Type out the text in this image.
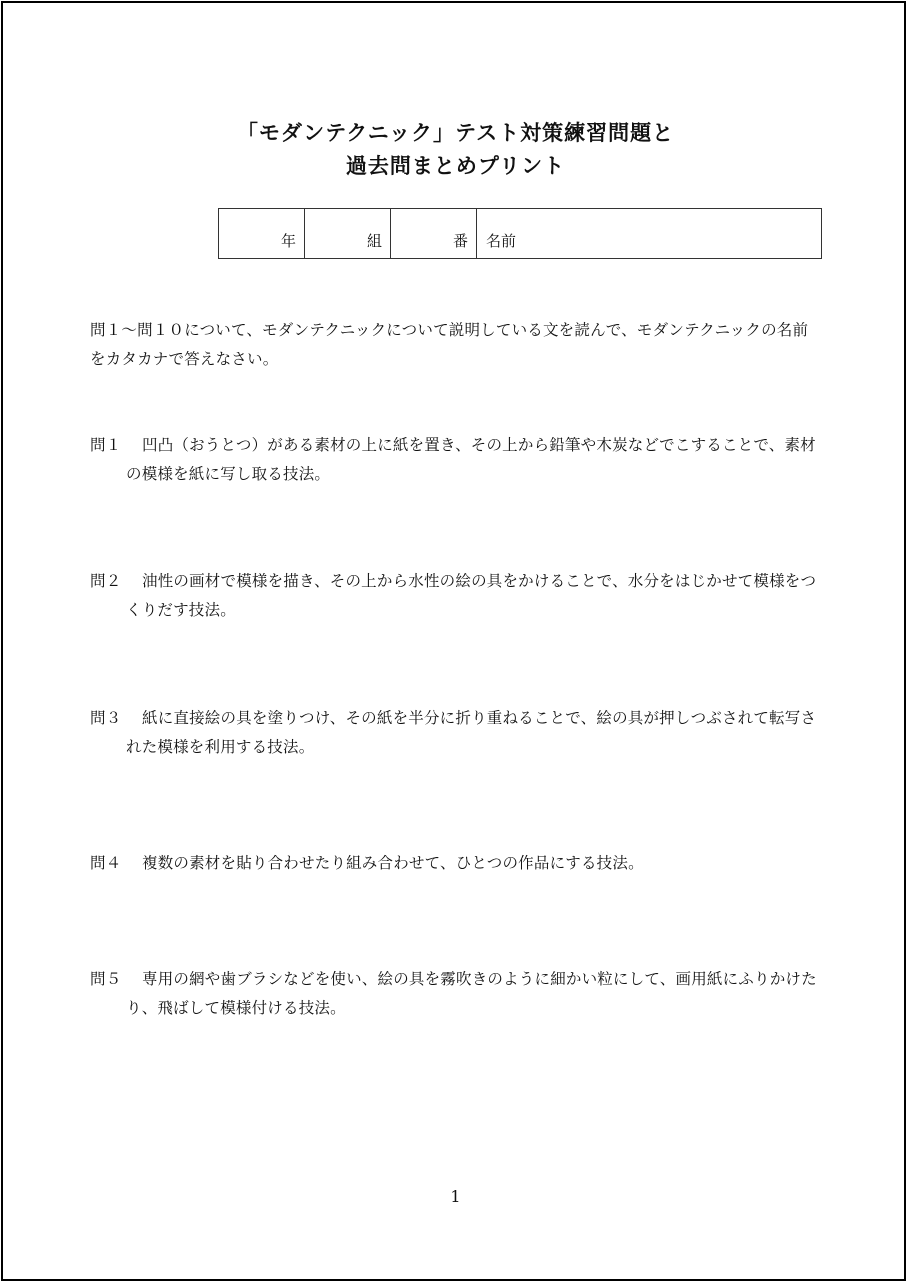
「モダンテクニック」テスト対策練習問題と
過去問まとめプリント
年	組	番 名前
問１～問１０について、モダンテクニックについて説明している文を読んで、モダンテクニックの名前をカタカナで答えなさい。
問１ 凹凸（おうとつ）がある素材の上に紙を置き、その上から鉛筆や木炭などでこすることで、素材の模様を紙に写し取る技法。
問２ 油性の画材で模様を描き、その上から水性の絵の具をかけることで、水分をはじかせて模様をつくりだす技法。
問３ 紙に直接絵の具を塗りつけ、その紙を半分に折り重ねることで、絵の具が押しつぶされて転写された模様を利用する技法。
問４ 複数の素材を貼り合わせたり組み合わせて、ひとつの作品にする技法。
問５ 専用の網や歯ブラシなどを使い、絵の具を霧吹きのように細かい粒にして、画用紙にふりかけたり、飛ばして模様付ける技法。
1
